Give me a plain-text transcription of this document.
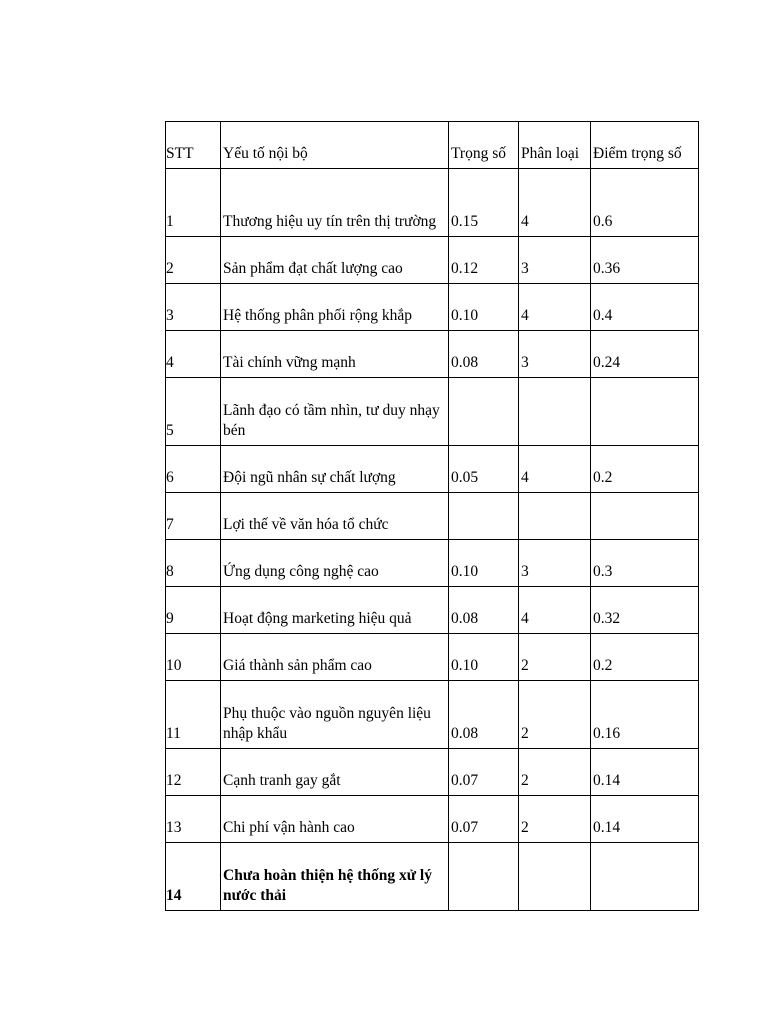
STT	Yếu tố nội bộ	Trọng số	Phân loại	Điểm trọng số
1	Thương hiệu uy tín trên thị trường	0.15	4	0.6
2	Sản phẩm đạt chất lượng cao	0.12	3	0.36
3	Hệ thống phân phối rộng khắp	0.10	4	0.4
4	Tài chính vững mạnh	0.08	3	0.24
5	Lãnh đạo có tầm nhìn, tư duy nhạy bén			
6	Đội ngũ nhân sự chất lượng	0.05	4	0.2
7	Lợi thế về văn hóa tổ chức			
8	Ứng dụng công nghệ cao	0.10	3	0.3
9	Hoạt động marketing hiệu quả	0.08	4	0.32
10	Giá thành sản phẩm cao	0.10	2	0.2
11	Phụ thuộc vào nguồn nguyên liệu nhập khẩu	0.08	2	0.16
12	Cạnh tranh gay gắt	0.07	2	0.14
13	Chi phí vận hành cao	0.07	2	0.14
14	Chưa hoàn thiện hệ thống xử lý nước thải			
